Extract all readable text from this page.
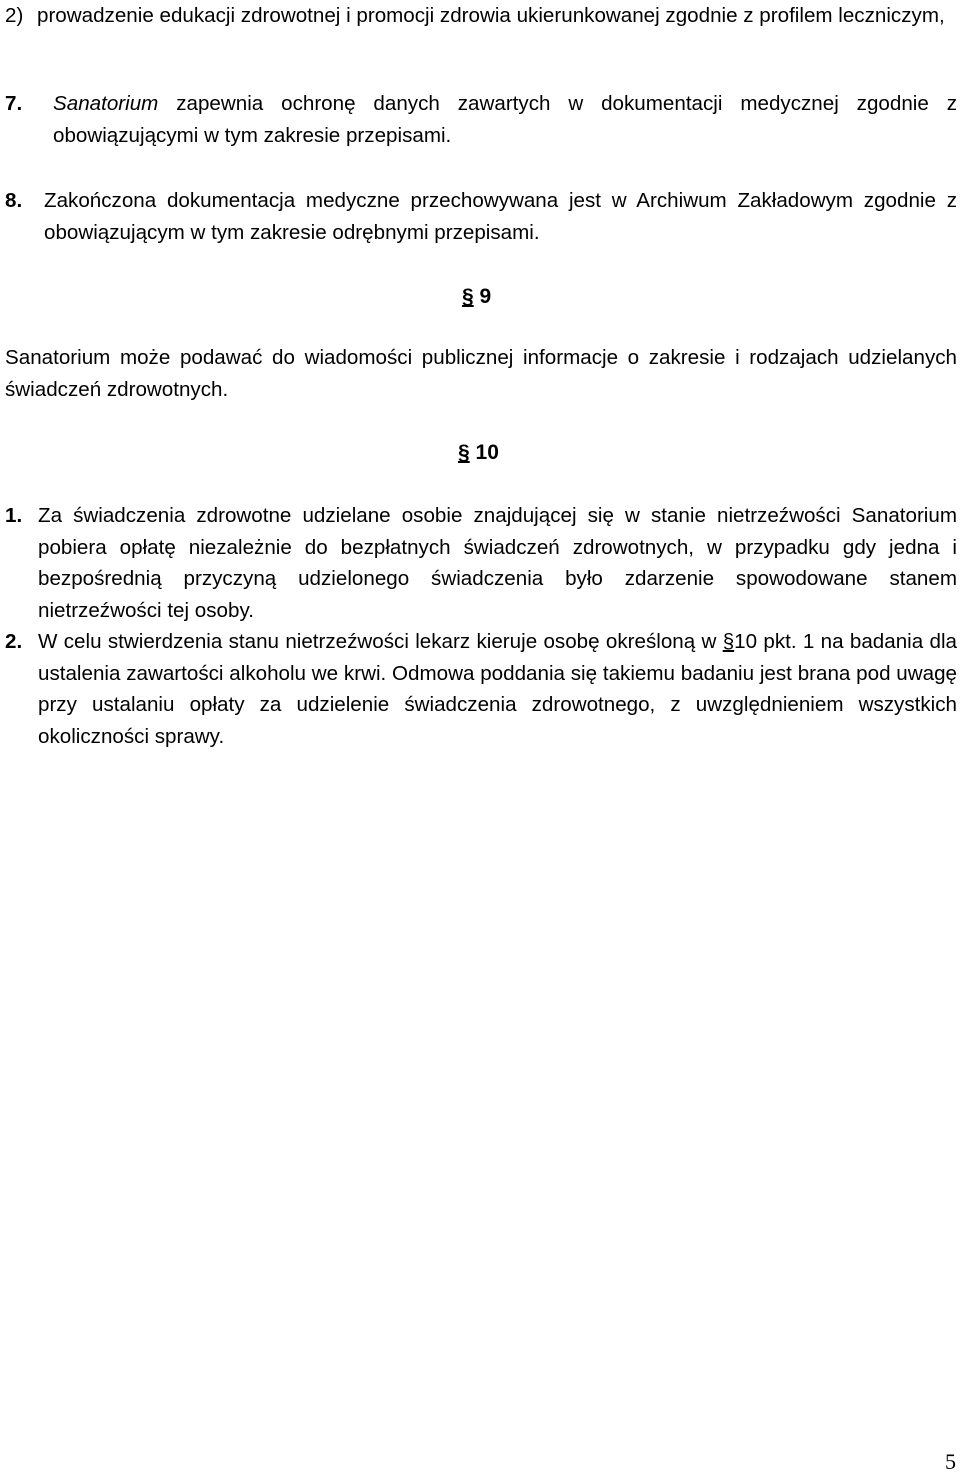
2) prowadzenie edukacji zdrowotnej i promocji zdrowia ukierunkowanej zgodnie z profilem leczniczym,
7.	Sanatorium zapewnia ochronę danych zawartych w dokumentacji medycznej zgodnie z obowiązującymi w tym zakresie przepisami.
8.	Zakończona dokumentacja medyczne przechowywana jest w Archiwum Zakładowym zgodnie z obowiązującym w tym zakresie odrębnymi przepisami.
§ 9
Sanatorium może podawać do wiadomości publicznej informacje o zakresie i rodzajach udzielanych świadczeń zdrowotnych.
§ 10
1. Za świadczenia zdrowotne udzielane osobie znajdującej się w stanie nietrzeźwości Sanatorium pobiera opłatę niezależnie do bezpłatnych świadczeń zdrowotnych, w przypadku gdy jedna i bezpośrednią przyczyną udzielonego świadczenia było zdarzenie spowodowane stanem nietrzeźwości tej osoby.
2. W celu stwierdzenia stanu nietrzeźwości lekarz kieruje osobę określoną w §10 pkt. 1 na badania dla ustalenia zawartości alkoholu we krwi. Odmowa poddania się takiemu badaniu jest brana pod uwagę przy ustalaniu opłaty za udzielenie świadczenia zdrowotnego, z uwzględnieniem wszystkich okoliczności sprawy.
5
